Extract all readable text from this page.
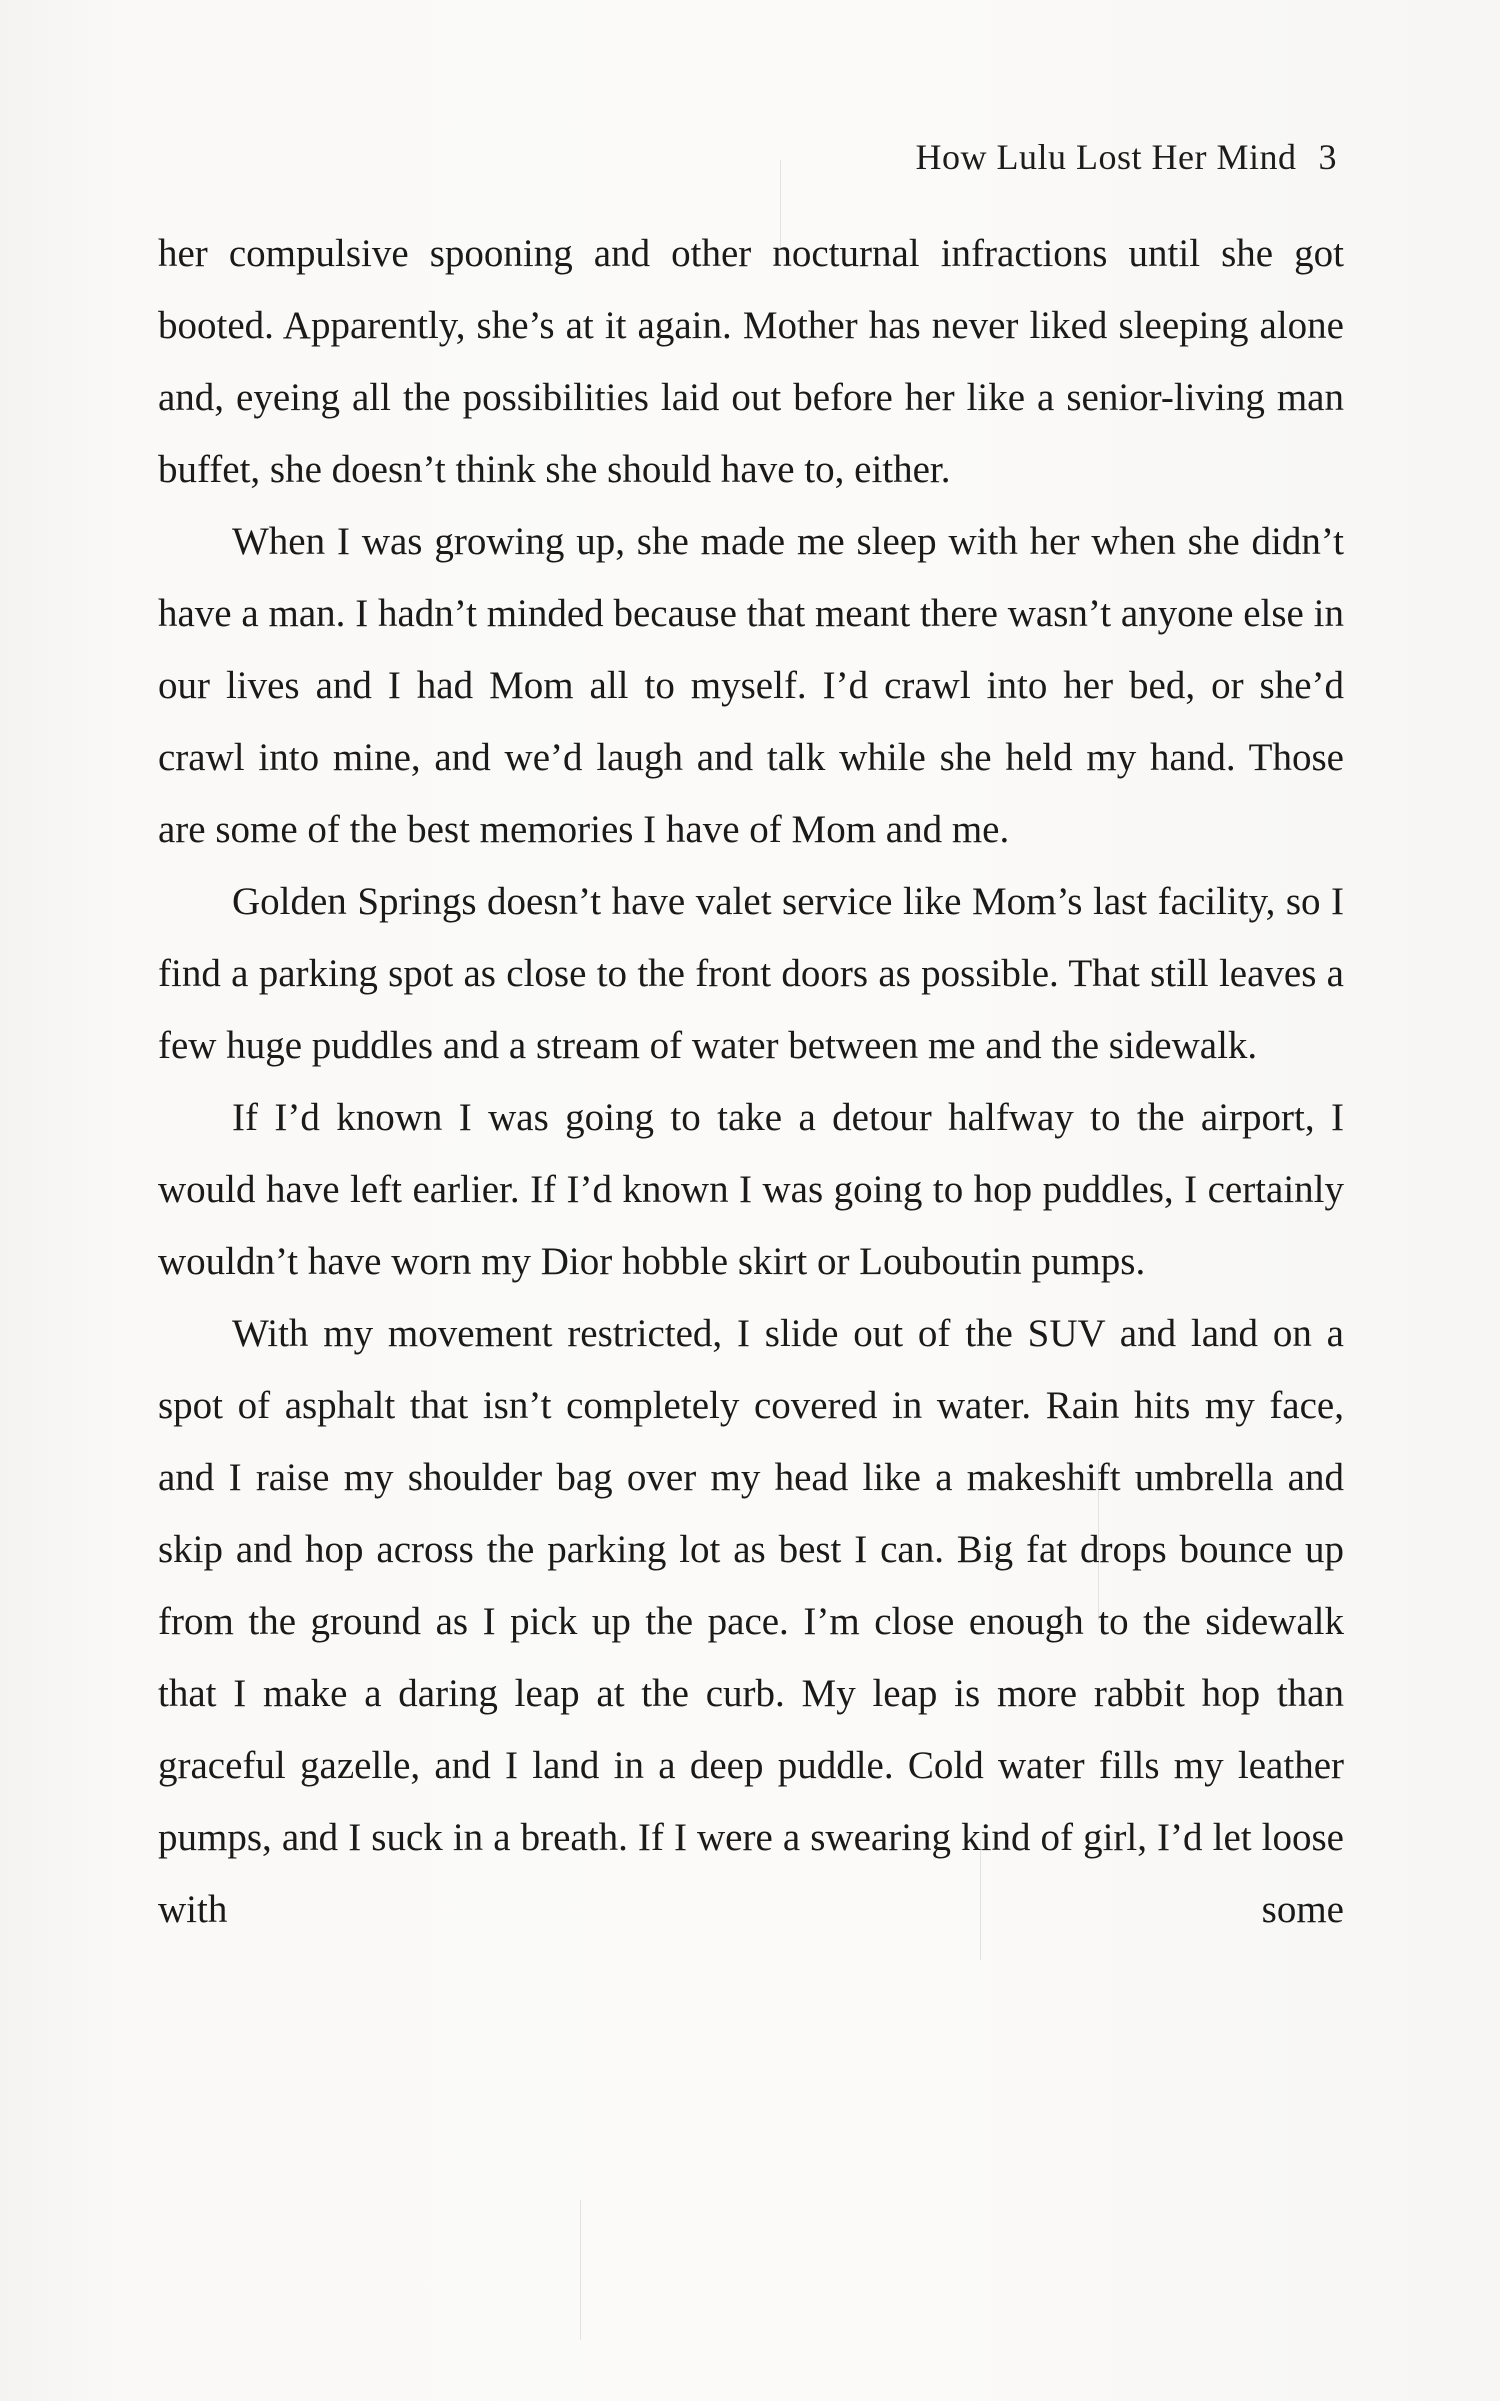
How Lulu Lost Her Mind 3

her compulsive spooning and other nocturnal infractions until she got booted. Apparently, she’s at it again. Mother has never liked sleeping alone and, eyeing all the possibilities laid out before her like a senior-living man buffet, she doesn’t think she should have to, either.

When I was growing up, she made me sleep with her when she didn’t have a man. I hadn’t minded because that meant there wasn’t anyone else in our lives and I had Mom all to myself. I’d crawl into her bed, or she’d crawl into mine, and we’d laugh and talk while she held my hand. Those are some of the best memories I have of Mom and me.

Golden Springs doesn’t have valet service like Mom’s last facility, so I find a parking spot as close to the front doors as possible. That still leaves a few huge puddles and a stream of water between me and the sidewalk.

If I’d known I was going to take a detour halfway to the airport, I would have left earlier. If I’d known I was going to hop puddles, I certainly wouldn’t have worn my Dior hobble skirt or Louboutin pumps.

With my movement restricted, I slide out of the SUV and land on a spot of asphalt that isn’t completely covered in water. Rain hits my face, and I raise my shoulder bag over my head like a makeshift umbrella and skip and hop across the parking lot as best I can. Big fat drops bounce up from the ground as I pick up the pace. I’m close enough to the sidewalk that I make a daring leap at the curb. My leap is more rabbit hop than graceful gazelle, and I land in a deep puddle. Cold water fills my leather pumps, and I suck in a breath. If I were a swearing kind of girl, I’d let loose with some
